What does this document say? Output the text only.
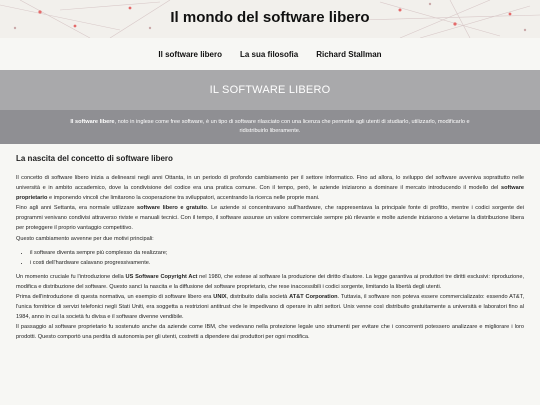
Il mondo del software libero
Il software libero La sua filosofia Richard Stallman
IL SOFTWARE LIBERO

Il software libere, noto in inglese come free software, è un tipo di software rilasciato con una licenza che permette agli utenti di studiarlo, utilizzarlo, modificarlo e ridistribuirlo liberamente.

La nascita del concetto di software libero

Il concetto di software libero inizia a delinearsi negli anni Ottanta, in un periodo di profondo cambiamento per il settore informatico. Fino ad allora, lo sviluppo del software avveniva soprattutto nelle università e in ambito accademico, dove la condivisione del codice era una pratica comune. Con il tempo, però, le aziende iniziarono a dominare il mercato introducendo il modello del software proprietario e imponendo vincoli che limitarono la cooperazione tra sviluppatori, accentrando la ricerca nelle proprie mani.

Fino agli anni Settanta, era normale utilizzare software libero e gratuito. Le aziende si concentravano sull'hardware, che rappresentava la principale fonte di profitto, mentre i codici sorgente dei programmi venivano condivisi attraverso riviste e manuali tecnici. Con il tempo, il software assunse un valore commerciale sempre più rilevante e molte aziende iniziarono a vietarne la distribuzione libera per proteggere il proprio vantaggio competitivo.

Questo cambiamento avvenne per due motivi principali:

• il software diventa sempre più complesso da realizzare;
• i costi dell'hardware calavano progressivamente.

Un momento cruciale fu l'introduzione della US Software Copyright Act nel 1980, che estese al software la produzione dei diritto d'autore. La legge garantiva ai produttori tre diritti esclusivi: riproduzione, modifica e distribuzione del software. Questo sancì la nascita e la diffusione del software proprietario, che rese inaccessibili i codici sorgente, limitando la libertà degli utenti.

Prima dell'introduzione di questa normativa, un esempio di software libero era UNIX, distribuito dalla società AT&T Corporation. Tuttavia, il software non poteva essere commercializzato: essendo AT&T, l'unica fornitrice di servizi telefonici negli Stati Uniti, era soggetta a restrizioni antitrust che le impedivano di operare in altri settori. Unix venne così distribuito gratuitamente a università e laboratori fino al 1984, anno in cui la società fu divisa e il software divenne vendibile.

Il passaggio al software proprietario fu sostenuto anche da aziende come IBM, che vedevano nella protezione legale uno strumenti per evitare che i concorrenti potessero analizzare e migliorare i loro prodotti. Questo comportò una perdita di autonomia per gli utenti, costretti a dipendere dai produttori per ogni modifica.
